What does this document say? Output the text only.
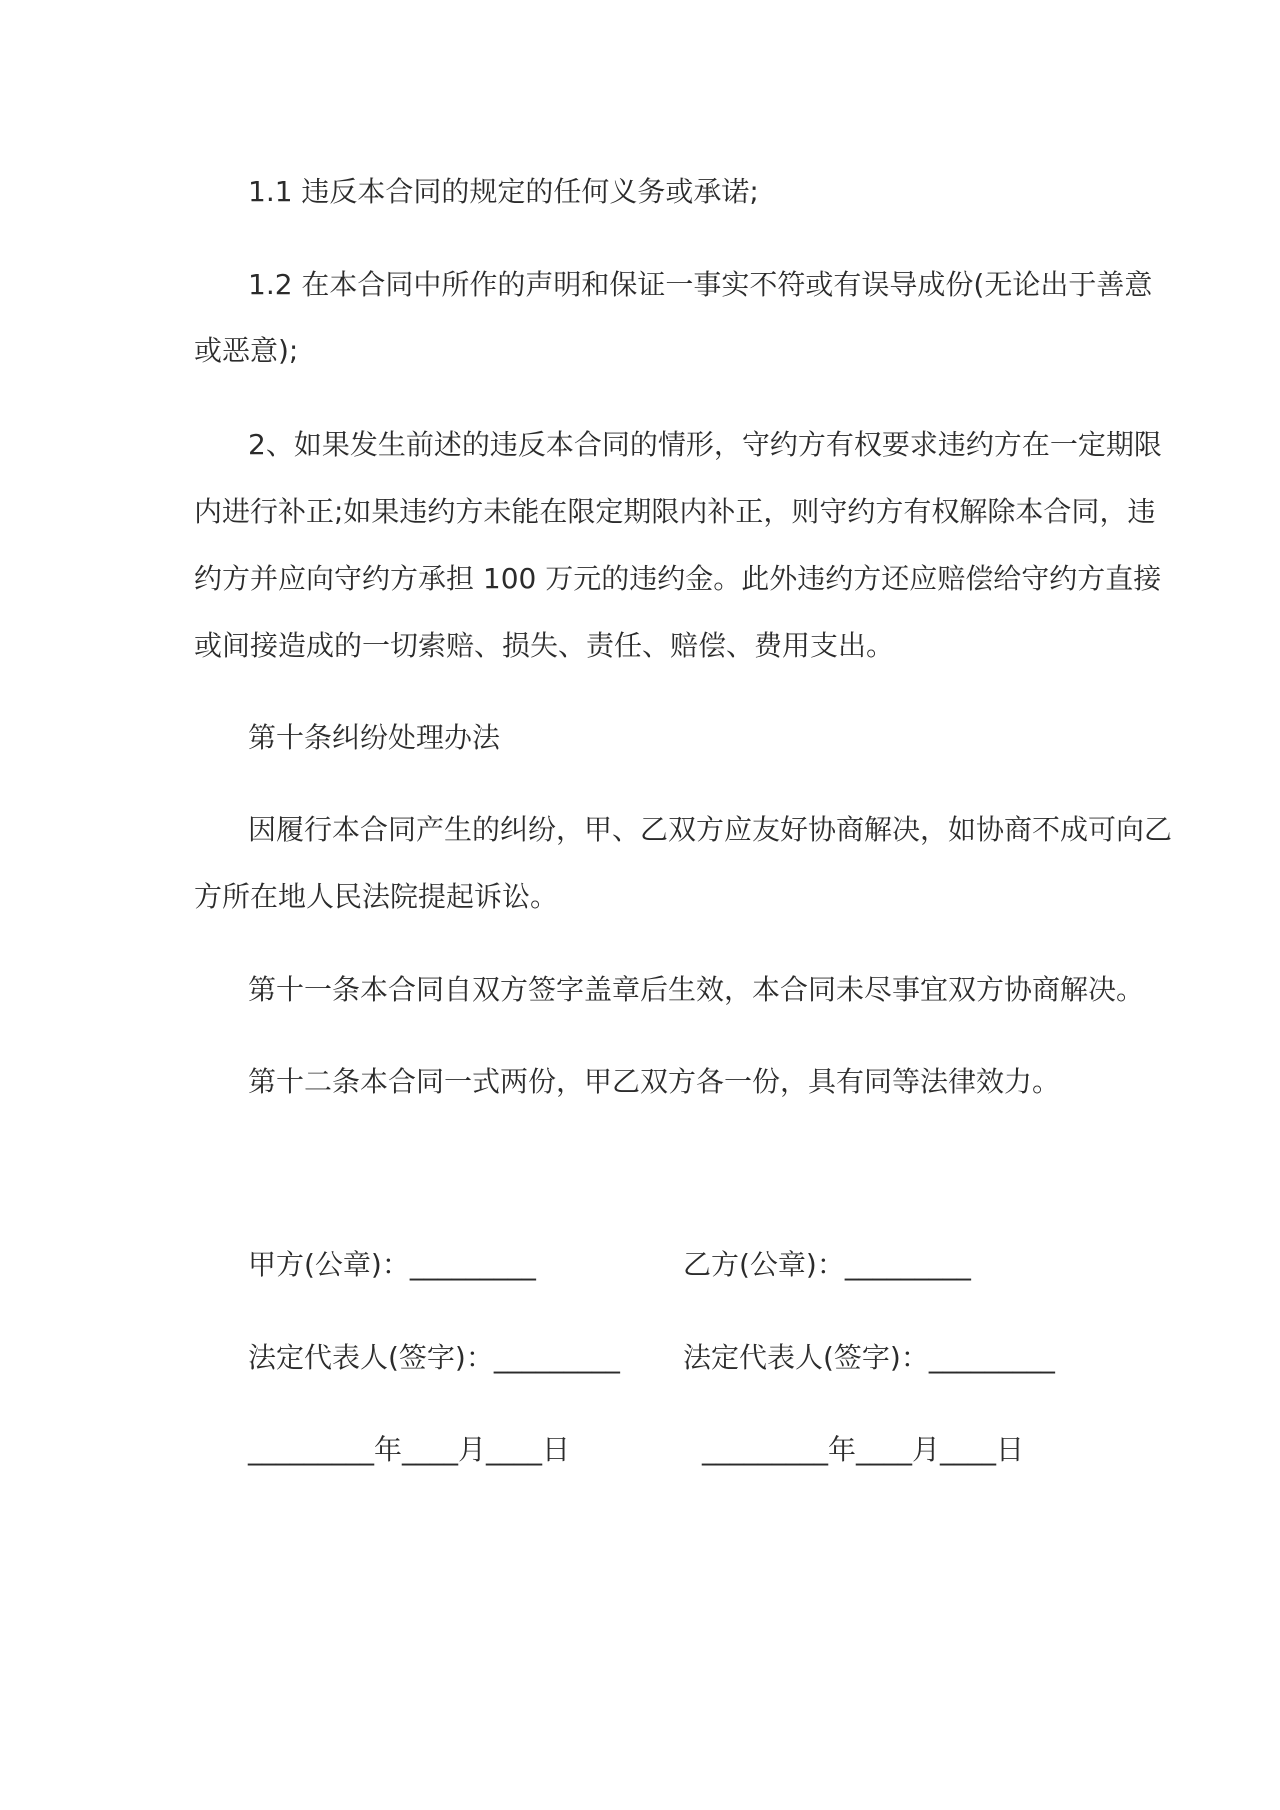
1.1 违反本合同的规定的任何义务或承诺;
1.2 在本合同中所作的声明和保证一事实不符或有误导成份(无论出于善意
或恶意);
2、如果发生前述的违反本合同的情形，守约方有权要求违约方在一定期限
内进行补正;如果违约方未能在限定期限内补正，则守约方有权解除本合同，违
约方并应向守约方承担 100 万元的违约金。此外违约方还应赔偿给守约方直接
或间接造成的一切索赔、损失、责任、赔偿、费用支出。
第十条纠纷处理办法
因履行本合同产生的纠纷，甲、乙双方应友好协商解决，如协商不成可向乙
方所在地人民法院提起诉讼。
第十一条本合同自双方签字盖章后生效，本合同未尽事宜双方协商解决。
第十二条本合同一式两份，甲乙双方各一份，具有同等法律效力。
甲方(公章)：_________	乙方(公章)：_________
法定代表人(签字)：_________ 法定代表人(签字)：_________
_________年____月____日	_________年____月____日
